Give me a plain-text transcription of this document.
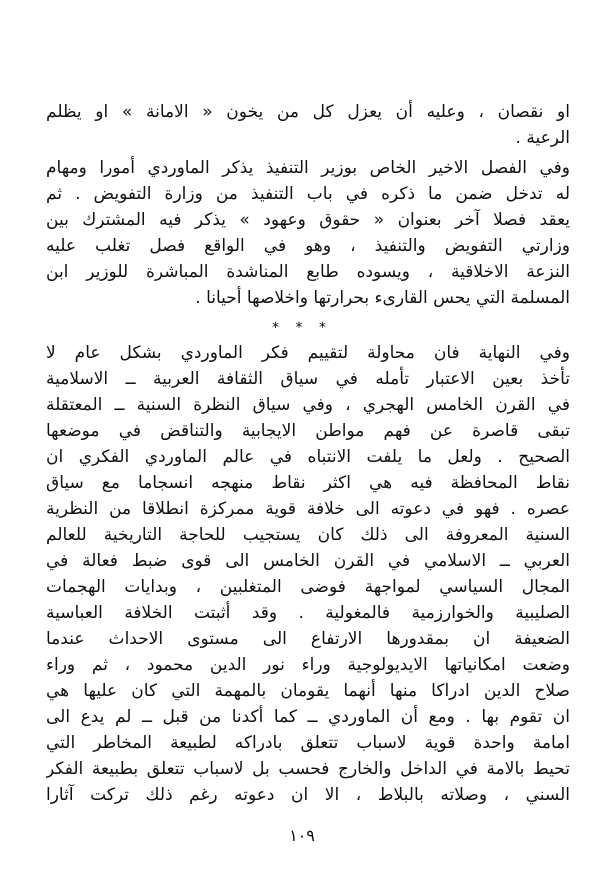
او نقصان ، وعليه أن يعزل كل من يخون « الامانة » او يظلم
الرعية .
وفي الفصل الاخير الخاص بوزير التنفيذ يذكر الماوردي أمورا ومهام
له تدخل ضمن ما ذكره في باب التنفيذ من وزارة التفويض . ثم
يعقد فصلا آخر بعنوان « حقوق وعهود » يذكر فيه المشترك بين
وزارتي التفويض والتنفيذ ، وهو في الواقع فصل تغلب عليه
النزعة الاخلاقية ، ويسوده طابع المناشدة المباشرة للوزير ابن
المسلمة التي يحس القارىء بحرارتها واخلاصها أحيانا .
* * *
وفي النهاية فان محاولة لتقييم فكر الماوردي بشكل عام لا
تأخذ بعين الاعتبار تأمله في سياق الثقافة العربية ــ الاسلامية
في القرن الخامس الهجري ، وفي سياق النظرة السنية ــ المعتقلة
تبقى قاصرة عن فهم مواطن الايجابية والتناقض في موضعها
الصحيح . ولعل ما يلفت الانتباه في عالم الماوردي الفكري ان
نقاط المحافظة فيه هي اكثر نقاط منهجه انسجاما مع سياق
عصره . فهو في دعوته الى خلافة قوية ممركزة انطلاقا من النظرية
السنية المعروفة الى ذلك كان يستجيب للحاجة التاريخية للعالم
العربي ــ الاسلامي في القرن الخامس الى قوى ضبط فعالة في
المجال السياسي لمواجهة فوضى المتغلبين ، وبدايات الهجمات
الصليبية والخوارزمية فالمغولية . وقد أثبتت الخلافة العباسية
الضعيفة ان بمقدورها الارتفاع الى مستوى الاحداث عندما
وضعت امكانياتها الايديولوجية وراء نور الدين محمود ، ثم وراء
صلاح الدين ادراكا منها أنهما يقومان بالمهمة التي كان عليها هي
ان تقوم بها . ومع أن الماوردي ــ كما أكدنا من قبل ــ لم يدع الى
امامة واحدة قوية لاسباب تتعلق بادراكه لطبيعة المخاطر التي
تحيط بالامة في الداخل والخارج فحسب بل لاسباب تتعلق بطبيعة الفكر
السني ، وصلاته بالبلاط ، الا ان دعوته رغم ذلك تركت آثارا
١٠٩
